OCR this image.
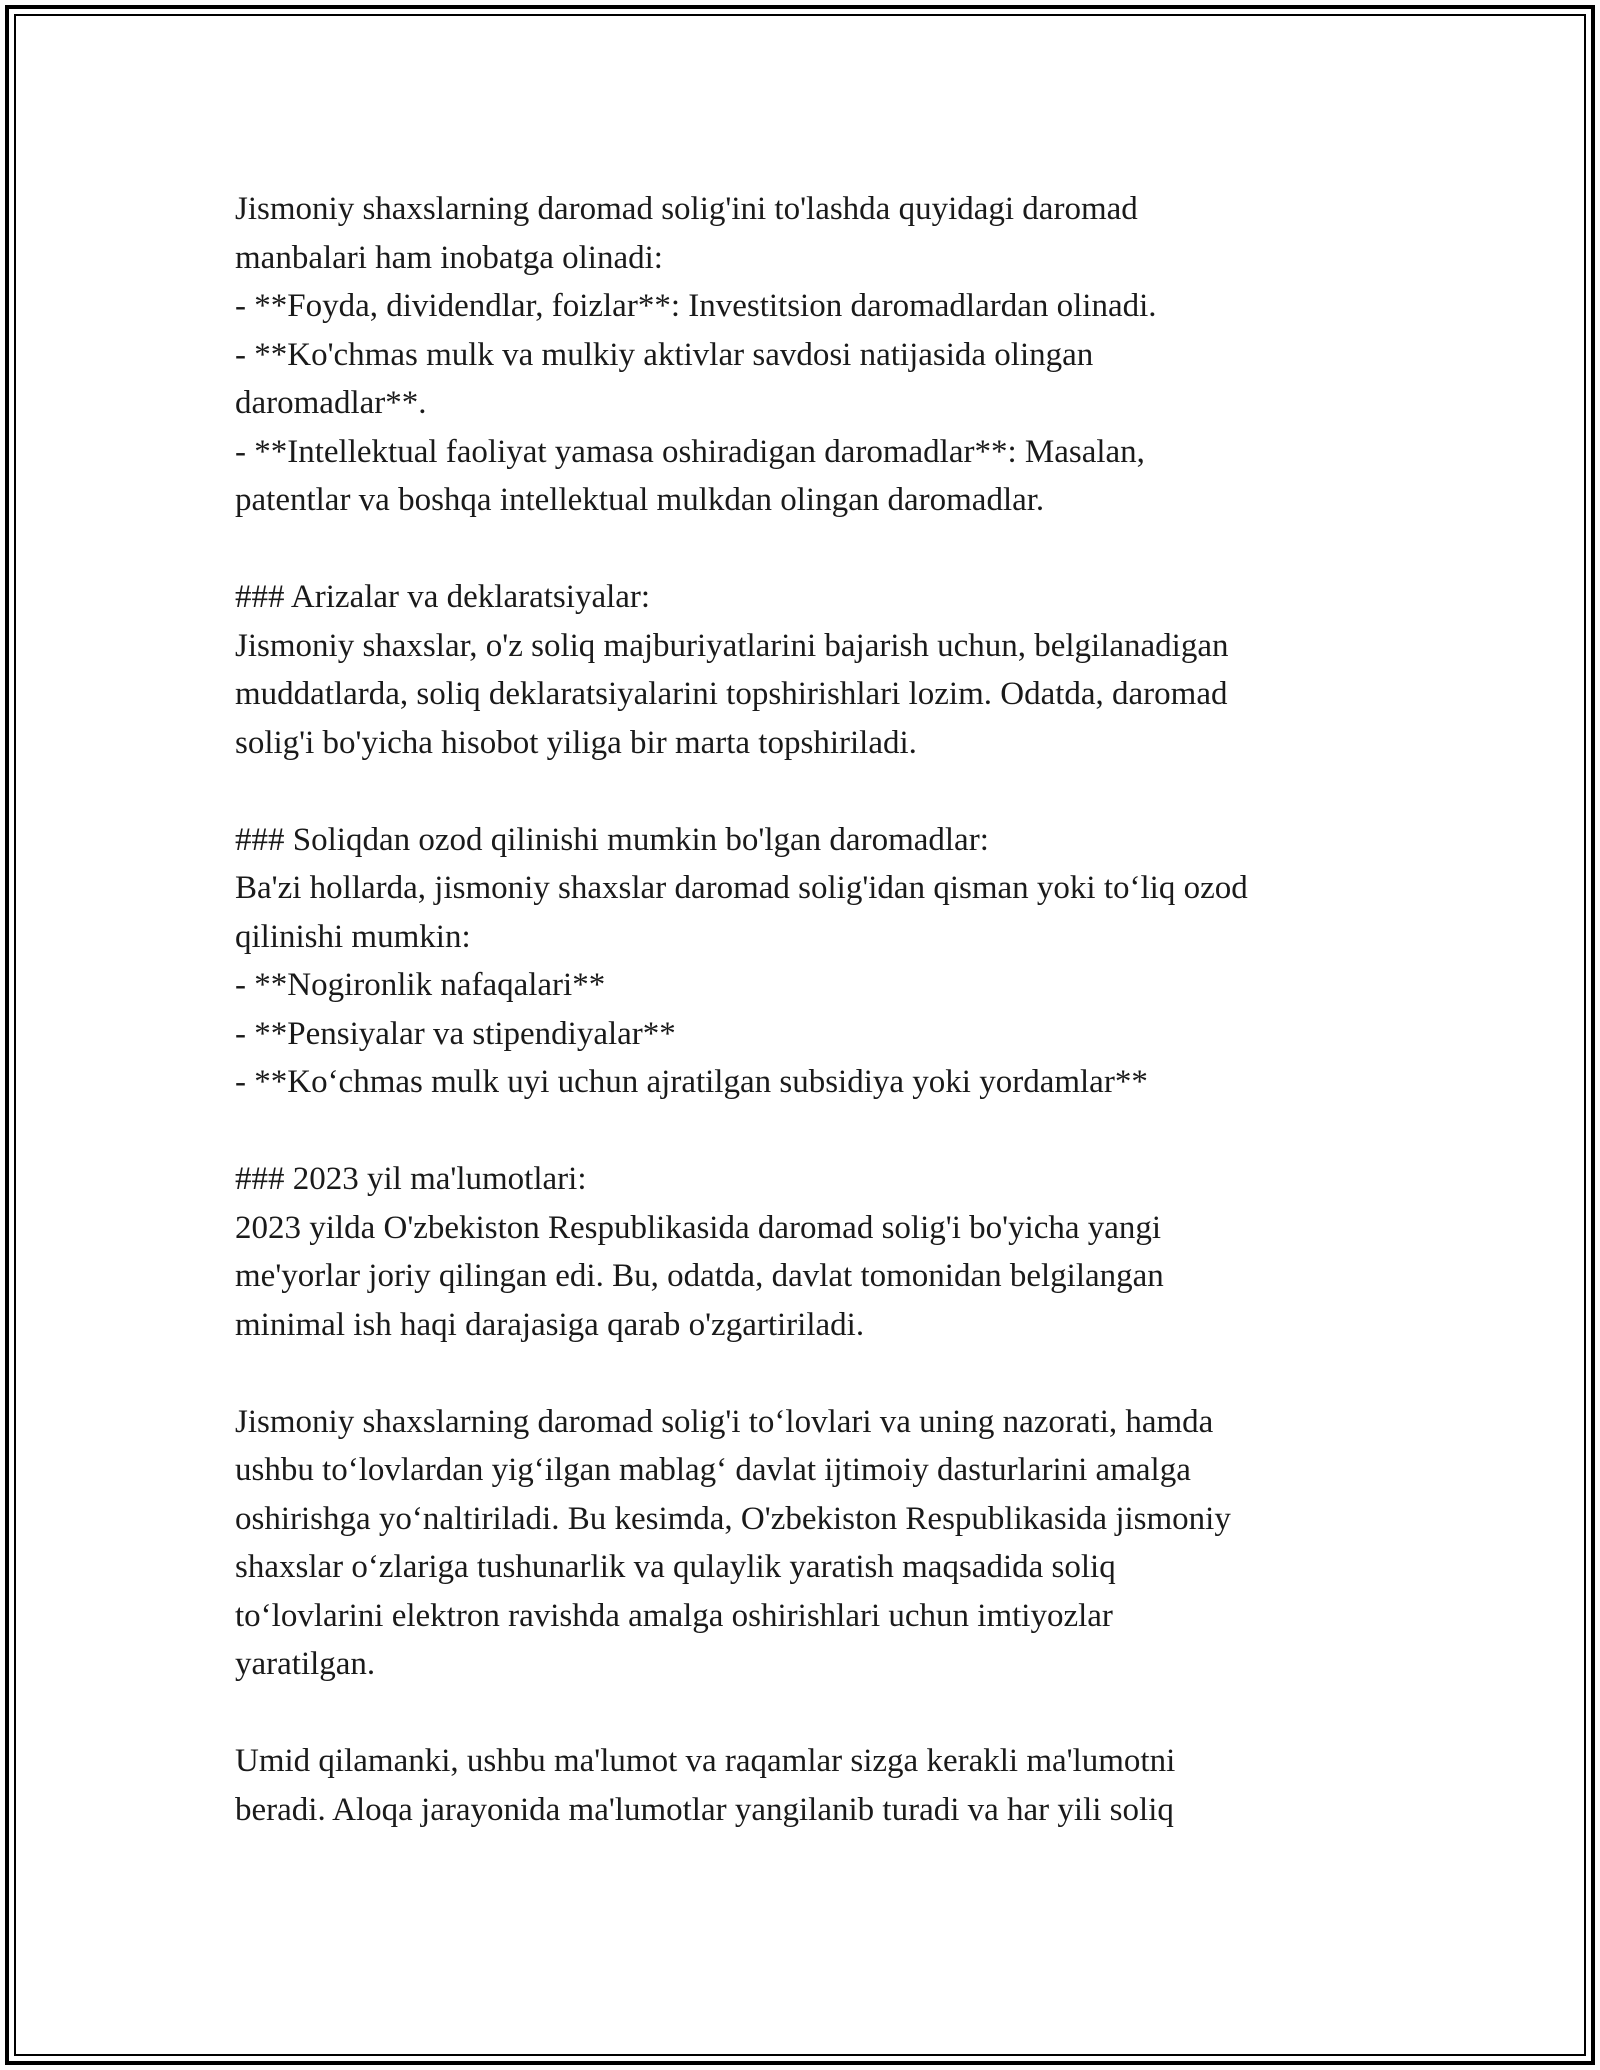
Jismoniy shaxslarning daromad solig'ini to'lashda quyidagi daromad
manbalari ham inobatga olinadi:
- **Foyda, dividendlar, foizlar**: Investitsion daromadlardan olinadi.
- **Ko'chmas mulk va mulkiy aktivlar savdosi natijasida olingan
daromadlar**.
- **Intellektual faoliyat yamasa oshiradigan daromadlar**: Masalan,
patentlar va boshqa intellektual mulkdan olingan daromadlar.
### Arizalar va deklaratsiyalar:
Jismoniy shaxslar, o'z soliq majburiyatlarini bajarish uchun, belgilanadigan
muddatlarda, soliq deklaratsiyalarini topshirishlari lozim. Odatda, daromad
solig'i bo'yicha hisobot yiliga bir marta topshiriladi.
### Soliqdan ozod qilinishi mumkin bo'lgan daromadlar:
Ba'zi hollarda, jismoniy shaxslar daromad solig'idan qisman yoki to‘liq ozod
qilinishi mumkin:
- **Nogironlik nafaqalari**
- **Pensiyalar va stipendiyalar**
- **Ko‘chmas mulk uyi uchun ajratilgan subsidiya yoki yordamlar**
### 2023 yil ma'lumotlari:
2023 yilda O'zbekiston Respublikasida daromad solig'i bo'yicha yangi
me'yorlar joriy qilingan edi. Bu, odatda, davlat tomonidan belgilangan
minimal ish haqi darajasiga qarab o'zgartiriladi.
Jismoniy shaxslarning daromad solig'i to‘lovlari va uning nazorati, hamda
ushbu to‘lovlardan yig‘ilgan mablag‘ davlat ijtimoiy dasturlarini amalga
oshirishga yo‘naltiriladi. Bu kesimda, O'zbekiston Respublikasida jismoniy
shaxslar o‘zlariga tushunarlik va qulaylik yaratish maqsadida soliq
to‘lovlarini elektron ravishda amalga oshirishlari uchun imtiyozlar
yaratilgan.
Umid qilamanki, ushbu ma'lumot va raqamlar sizga kerakli ma'lumotni
beradi. Aloqa jarayonida ma'lumotlar yangilanib turadi va har yili soliq
